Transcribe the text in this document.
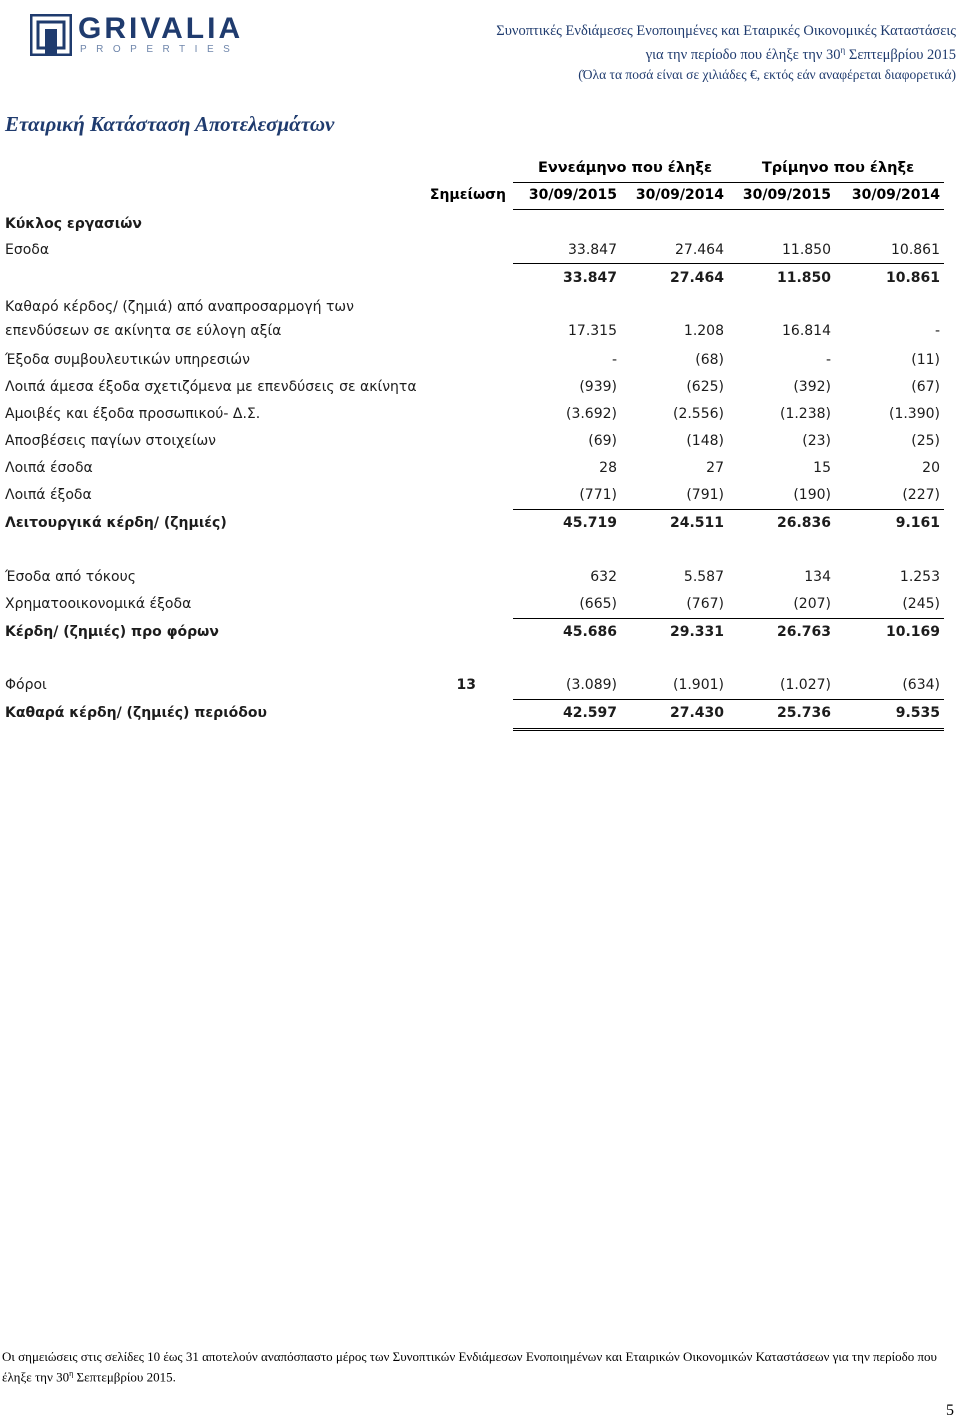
GRIVALIA
PROPERTIES
Συνοπτικές Ενδιάμεσες Ενοποιημένες και Εταιρικές Οικονομικές Καταστάσεις
για την περίοδο που έληξε την $30^\eta$ Σεπτεμβρίου 2015
(Όλα τα ποσά είναι σε χιλιάδες €, εκτός εάν αναφέρεται διαφορετικά)
Εταιρική Κατάσταση Αποτελεσμάτων
Εννεάμηνο που έληξε	Τρίμηνο που έληξε
Σημείωση	30/09/2015	30/09/2014	30/09/2015	30/09/2014
Κύκλος εργασιών
Εσοδα	33.847	27.464	11.850	10.861
33.847	27.464	11.850	10.861
Καθαρό κέρδος/ (ζημιά) από αναπροσαρμογή των
επενδύσεων σε ακίνητα σε εύλογη αξία	17.315	1.208	16.814	-
Έξοδα συμβουλευτικών υπηρεσιών	-	(68)	-	(11)
Λοιπά άμεσα έξοδα σχετιζόμενα με επενδύσεις σε ακίνητα	(939)	(625)	(392)	(67)
Αμοιβές και έξοδα προσωπικού- Δ.Σ.	(3.692)	(2.556)	(1.238)	(1.390)
Αποσβέσεις παγίων στοιχείων	(69)	(148)	(23)	(25)
Λοιπά έσοδα	28	27	15	20
Λοιπά έξοδα	(771)	(791)	(190)	(227)
Λειτουργικά κέρδη/ (ζημιές)	45.719	24.511	26.836	9.161
Έσοδα από τόκους	632	5.587	134	1.253
Χρηματοοικονομικά έξοδα	(665)	(767)	(207)	(245)
Κέρδη/ (ζημιές) προ φόρων	45.686	29.331	26.763	10.169
Φόροι	13	(3.089)	(1.901)	(1.027)	(634)
Καθαρά κέρδη/ (ζημιές) περιόδου	42.597	27.430	25.736	9.535
Οι σημειώσεις στις σελίδες 10 έως 31 αποτελούν αναπόσπαστο μέρος των Συνοπτικών Ενδιάμεσων Ενοποιημένων και Εταιρικών Οικονομικών Καταστάσεων για την περίοδο που έληξε την $30^\eta$ Σεπτεμβρίου 2015.
5
